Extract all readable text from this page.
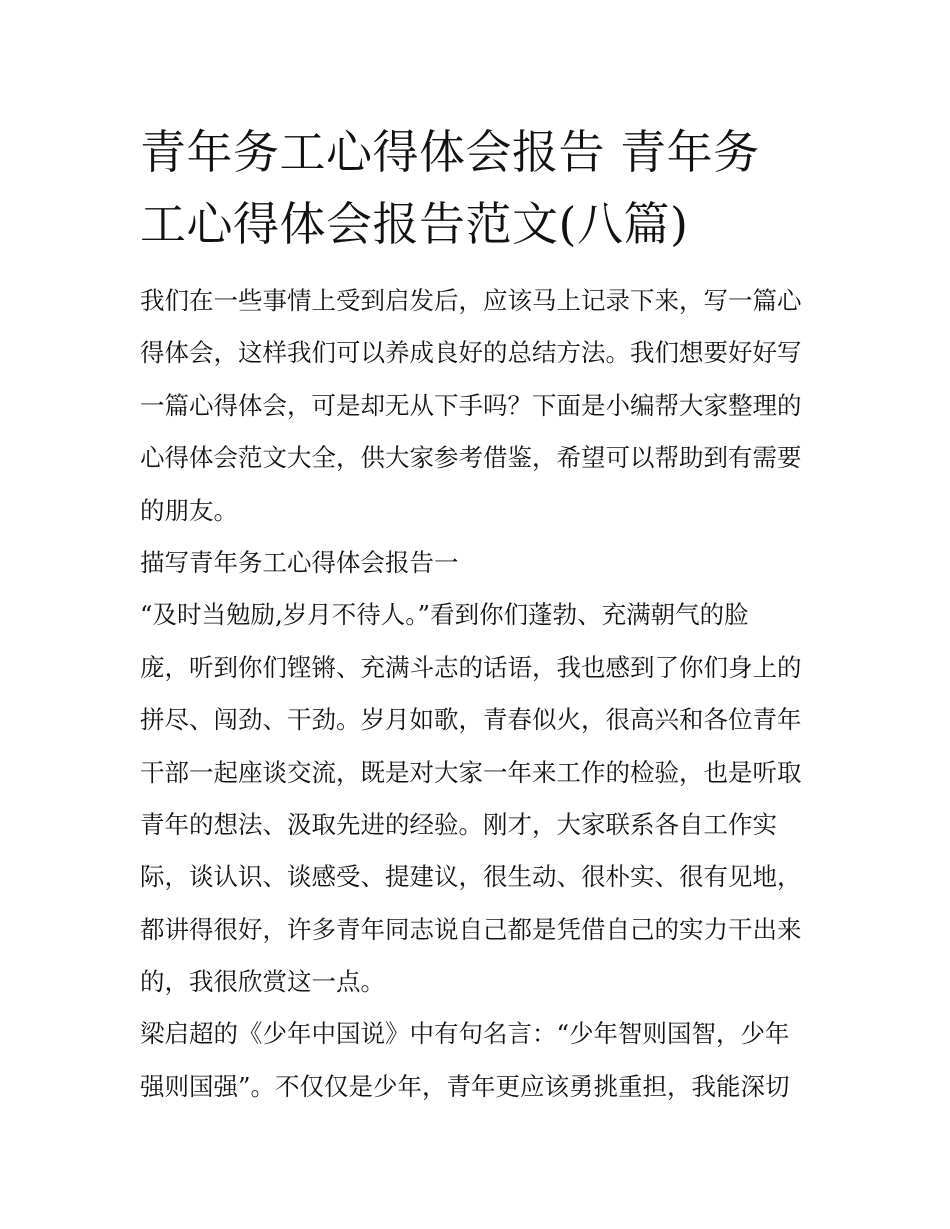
青年务工心得体会报告 青年务
工心得体会报告范文(八篇)
我们在一些事情上受到启发后，应该马上记录下来，写一篇心
得体会，这样我们可以养成良好的总结方法。我们想要好好写
一篇心得体会，可是却无从下手吗？下面是小编帮大家整理的
心得体会范文大全，供大家参考借鉴，希望可以帮助到有需要
的朋友。
描写青年务工心得体会报告一
“及时当勉励,岁月不待人。”看到你们蓬勃、充满朝气的脸
庞，听到你们铿锵、充满斗志的话语，我也感到了你们身上的
拼尽、闯劲、干劲。岁月如歌，青春似火，很高兴和各位青年
干部一起座谈交流，既是对大家一年来工作的检验，也是听取
青年的想法、汲取先进的经验。刚才，大家联系各自工作实
际，谈认识、谈感受、提建议，很生动、很朴实、很有见地，
都讲得很好，许多青年同志说自己都是凭借自己的实力干出来
的，我很欣赏这一点。
梁启超的《少年中国说》中有句名言：“少年智则国智，少年
强则国强”。不仅仅是少年，青年更应该勇挑重担，我能深切
